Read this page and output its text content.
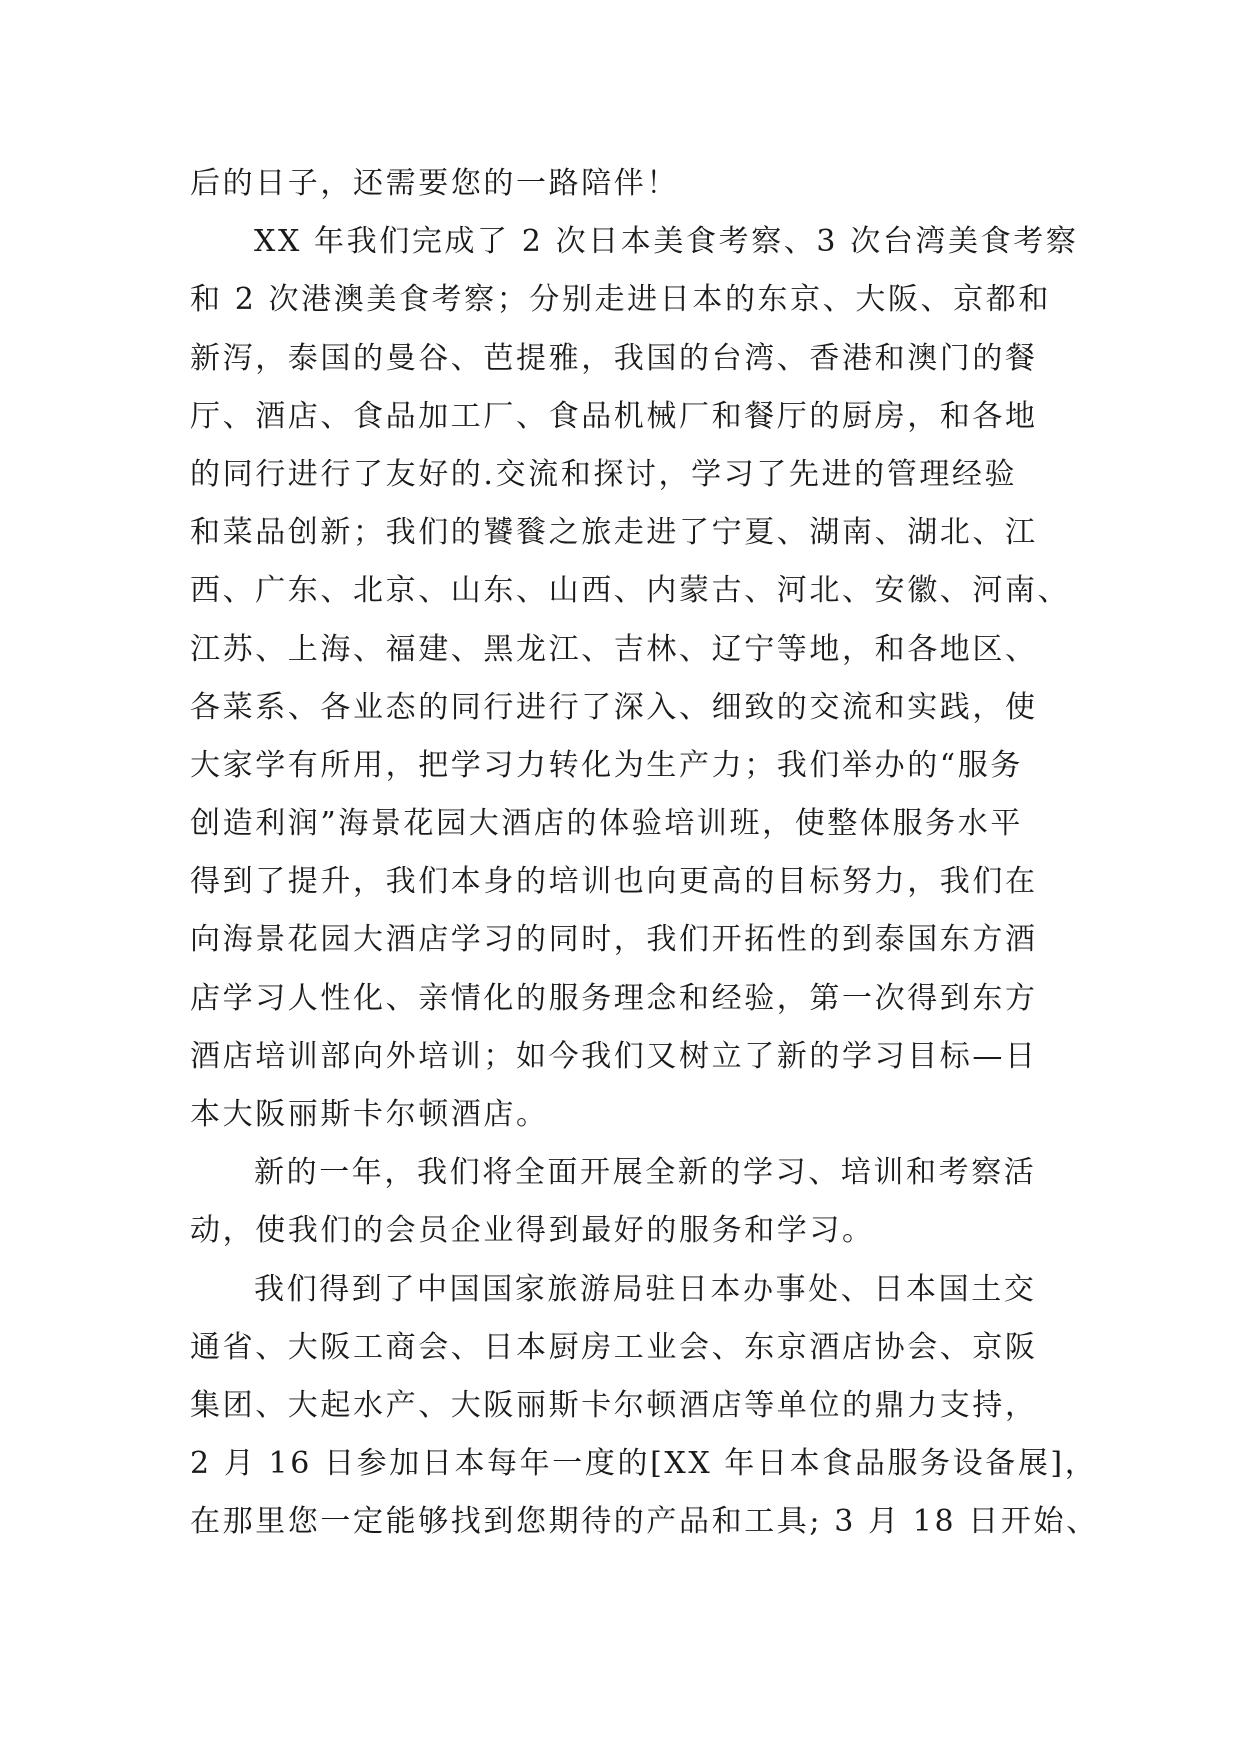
后的日子，还需要您的一路陪伴！
XX 年我们完成了 2 次日本美食考察、3 次台湾美食考察
和 2 次港澳美食考察；分别走进日本的东京、大阪、京都和
新泻，泰国的曼谷、芭提雅，我国的台湾、香港和澳门的餐
厅、酒店、食品加工厂、食品机械厂和餐厅的厨房，和各地
的同行进行了友好的.交流和探讨，学习了先进的管理经验
和菜品创新；我们的饕餮之旅走进了宁夏、湖南、湖北、江
西、广东、北京、山东、山西、内蒙古、河北、安徽、河南、
江苏、上海、福建、黑龙江、吉林、辽宁等地，和各地区、
各菜系、各业态的同行进行了深入、细致的交流和实践，使
大家学有所用，把学习力转化为生产力；我们举办的“服务
创造利润”海景花园大酒店的体验培训班，使整体服务水平
得到了提升，我们本身的培训也向更高的目标努力，我们在
向海景花园大酒店学习的同时，我们开拓性的到泰国东方酒
店学习人性化、亲情化的服务理念和经验，第一次得到东方
酒店培训部向外培训；如今我们又树立了新的学习目标—日
本大阪丽斯卡尔顿酒店。
新的一年，我们将全面开展全新的学习、培训和考察活
动，使我们的会员企业得到最好的服务和学习。
我们得到了中国国家旅游局驻日本办事处、日本国土交
通省、大阪工商会、日本厨房工业会、东京酒店协会、京阪
集团、大起水产、大阪丽斯卡尔顿酒店等单位的鼎力支持，
2 月 16 日参加日本每年一度的[XX 年日本食品服务设备展]，
在那里您一定能够找到您期待的产品和工具; 3 月 18 日开始、
